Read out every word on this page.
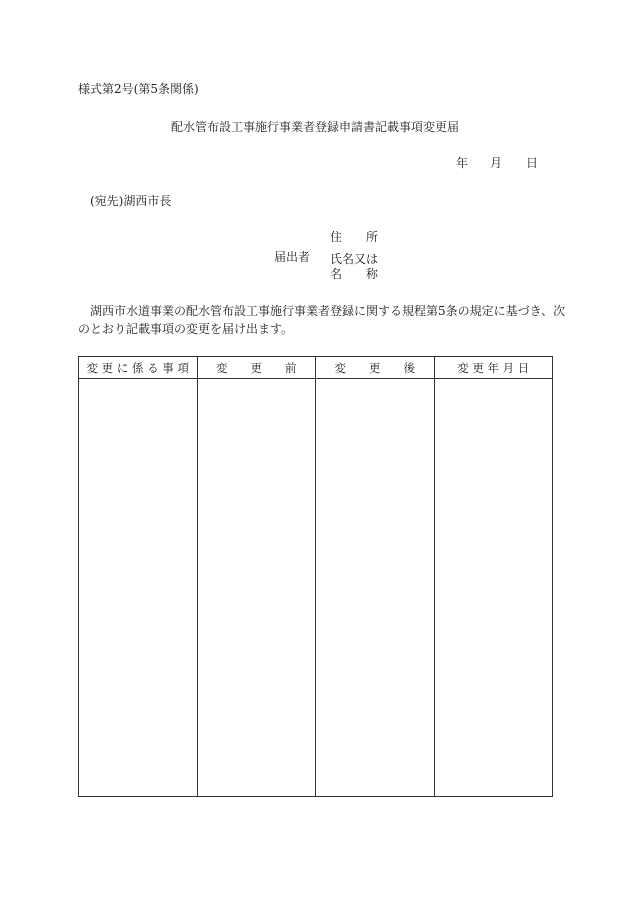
様式第2号(第5条関係)
配水管布設工事施行事業者登録申請書記載事項変更届
年 月 日
(宛先)湖西市長
住　　所
届出者 氏名又は
名　　称
　湖西市水道事業の配水管布設工事施行事業者登録に関する規程第5条の規定に基づき、次
のとおり記載事項の変更を届け出ます。
変 更 に 係 る 事 項	変　　更　　前	変　　更　　後	変 更 年 月 日
